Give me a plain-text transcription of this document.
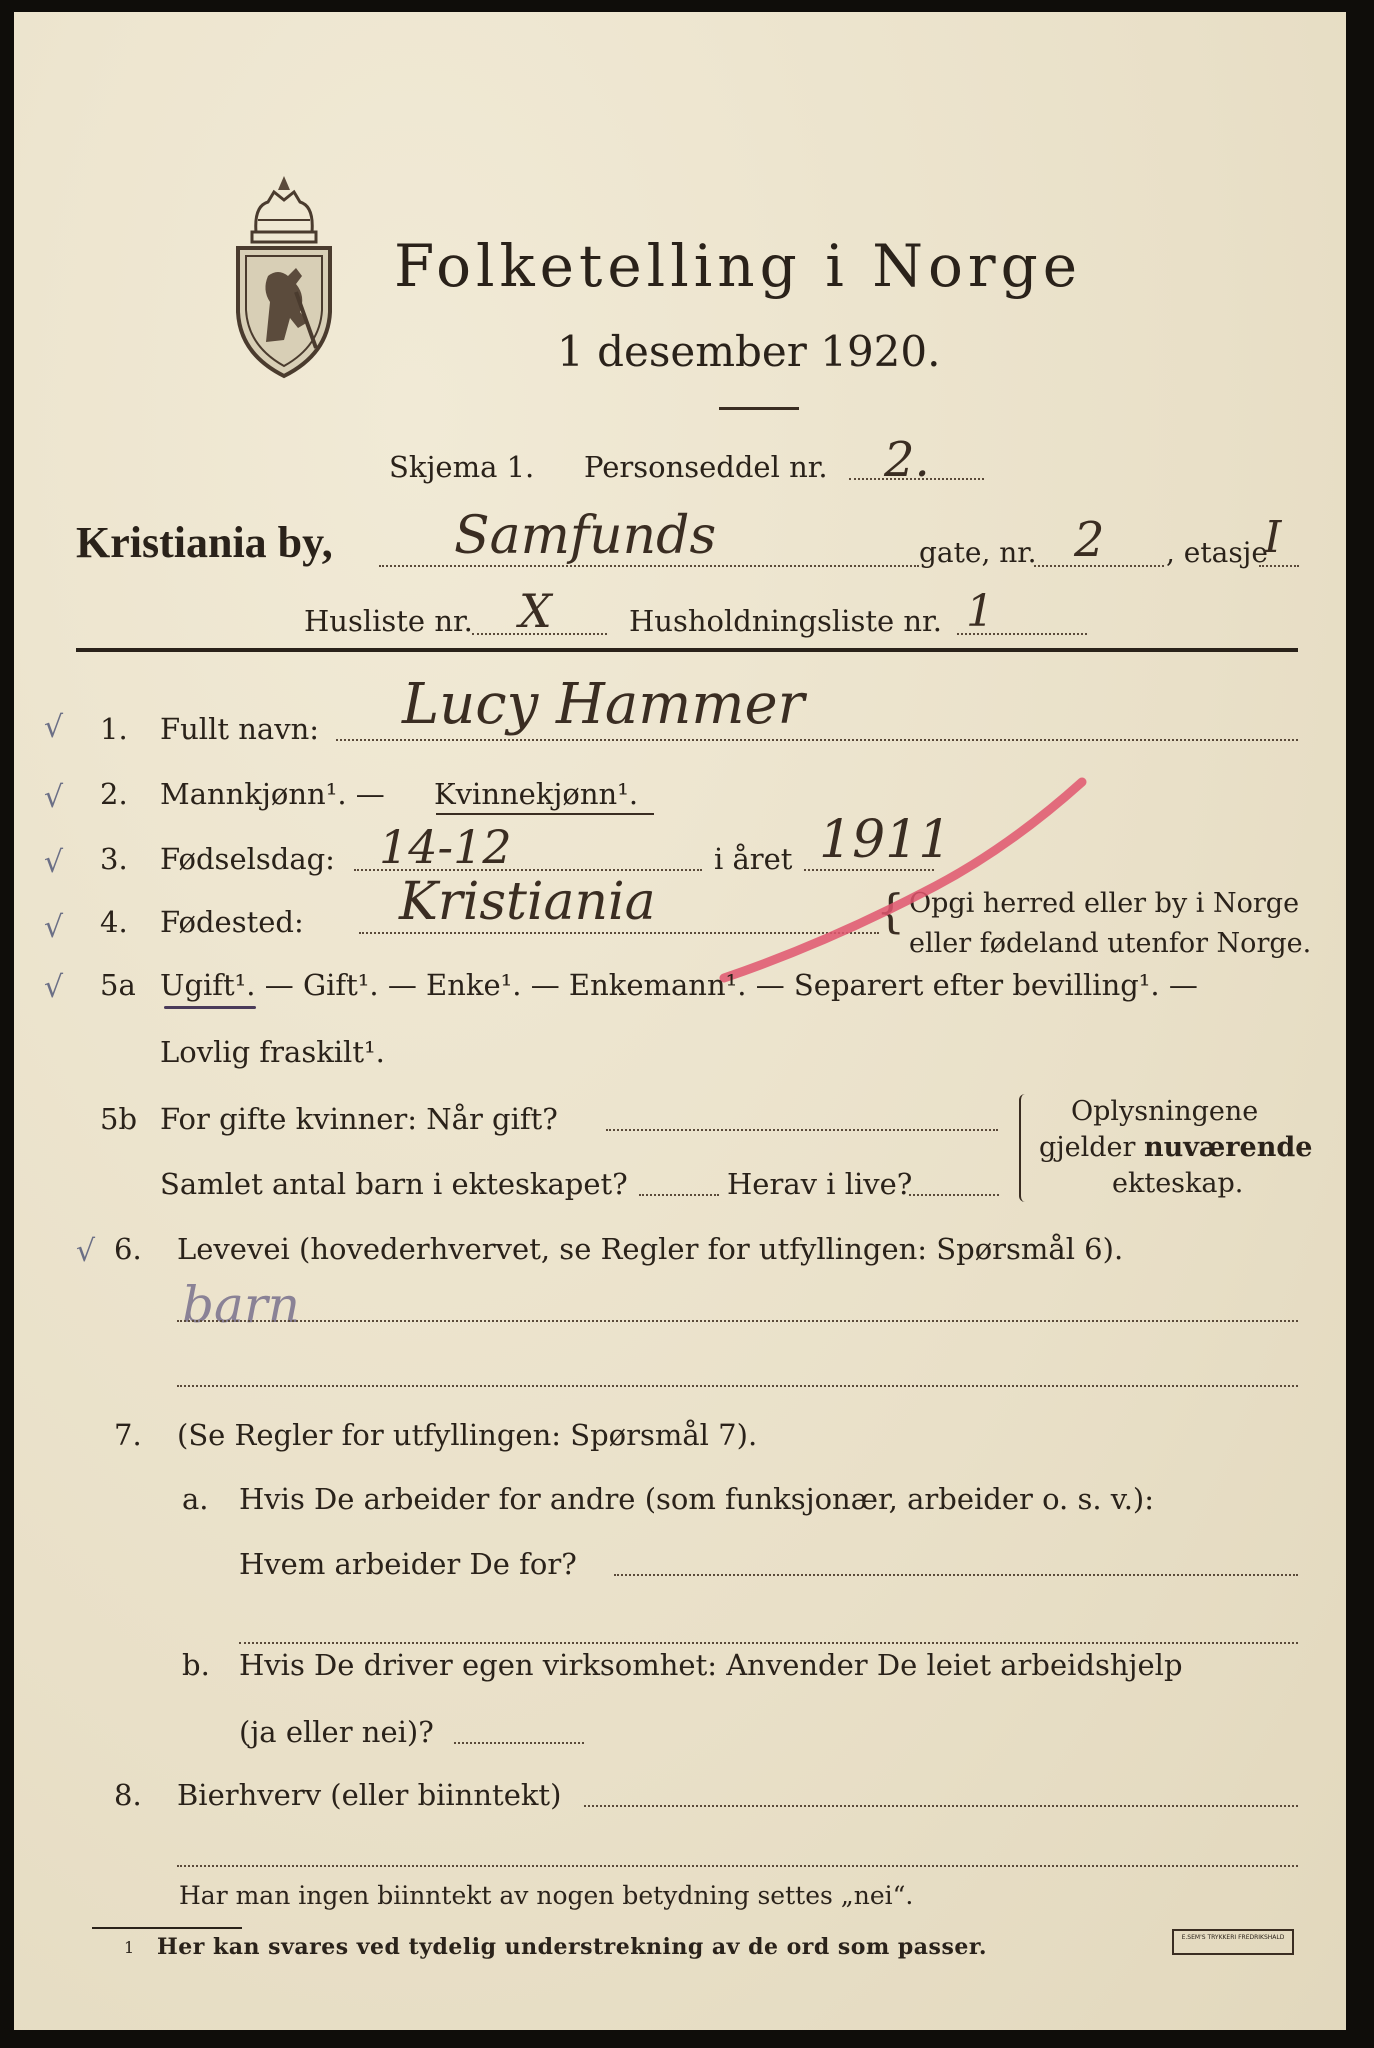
Folketelling i Norge
1 desember 1920.
Skjema 1. Personseddel nr. 2.
Kristiania by, Samfunds	gate, nr. 2 , etasje
I
Husliste nr. X	Husholdningsliste nr. 1
√ 1. Fullt navn: Lucy Hammer
√ 2. Mannkjønn¹. — Kvinnekjønn¹.
√ 3. Fødselsdag: 14-12	i året 1911
√ 4. Fødested: Kristiania	{ Opgi herred eller by i Norge
eller fødeland utenfor Norge.
√ 5a Ugift¹. — Gift¹. — Enke¹. — Enkemann¹. — Separert efter bevilling¹. —
Lovlig fraskilt¹.
5b For gifte kvinner: Når gift?
Samlet antal barn i ekteskapet?	Herav i live?
Oplysningene
gjelder nuværende
ekteskap.
√ 6. Levevei (hovederhvervet, se Regler for utfyllingen: Spørsmål 6).
barn
7. (Se Regler for utfyllingen: Spørsmål 7).
a. Hvis De arbeider for andre (som funksjonær, arbeider o. s. v.):
Hvem arbeider De for?
b. Hvis De driver egen virksomhet: Anvender De leiet arbeidshjelp
(ja eller nei)?
8. Bierhverv (eller biinntekt)
Har man ingen biinntekt av nogen betydning settes „nei“.
1 Her kan svares ved tydelig understrekning av de ord som passer.	E.SEM'S TRYKKERI FREDRIKSHALD
